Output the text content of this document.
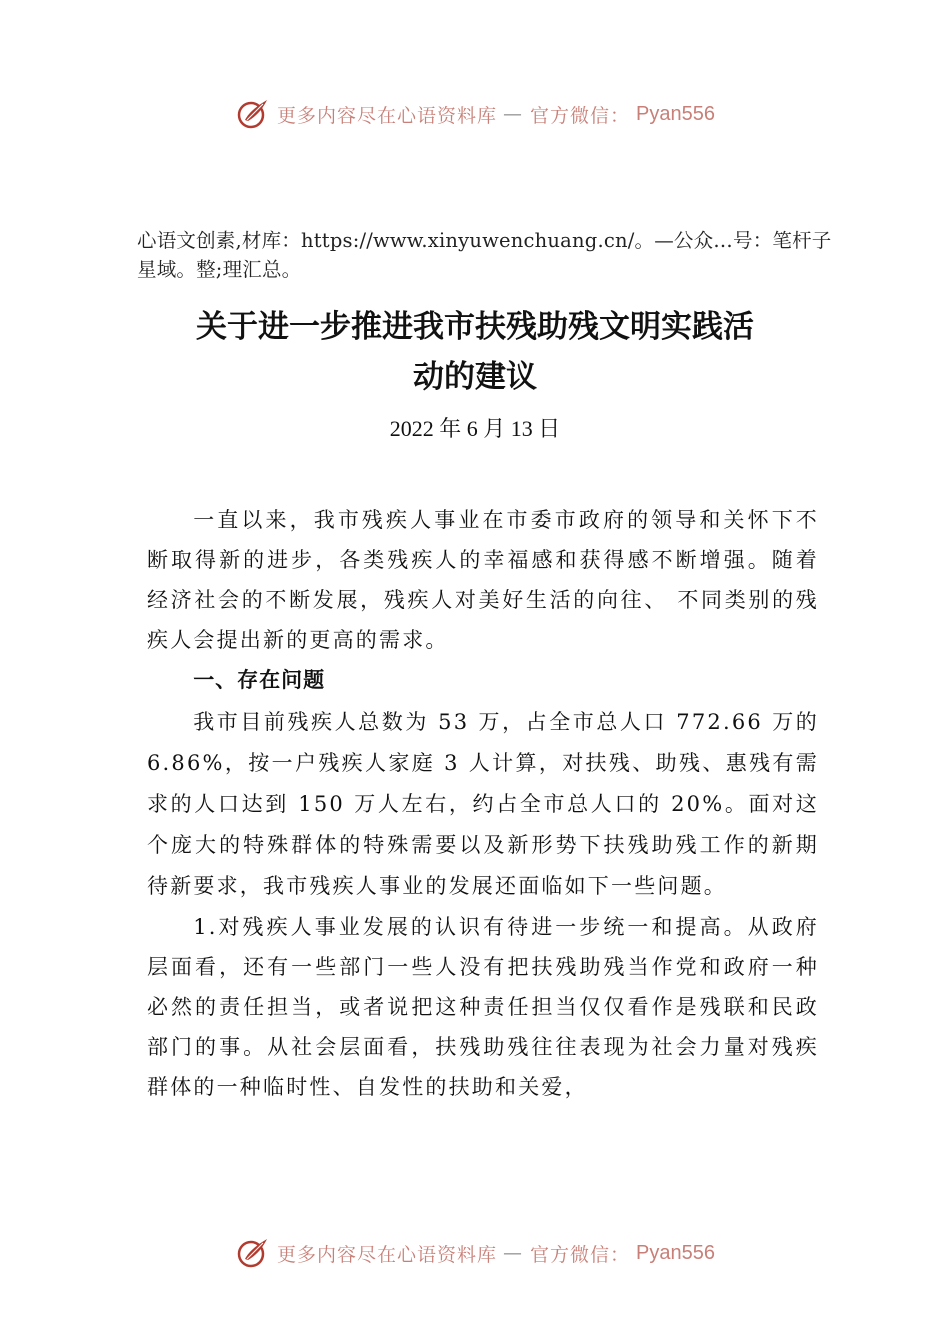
更多内容尽在心语资料库 — 官方微信： Pyan556
心语文创素,材库：https://www.xinyuwenchuang.cn/。—公众…号：笔杆子星域。整;理汇总。
关于进一步推进我市扶残助残文明实践活
动的建议
2022 年 6 月 13 日

一直以来，我市残疾人事业在市委市政府的领导和关怀下不断取得新的进步，各类残疾人的幸福感和获得感不断增强。随着经济社会的不断发展，残疾人对美好生活的向往、 不同类别的残疾人会提出新的更高的需求。

一、存在问题

我市目前残疾人总数为 53 万，占全市总人口 772.66 万的 6.86%，按一户残疾人家庭 3 人计算，对扶残、助残、惠残有需求的人口达到 150 万人左右，约占全市总人口的 20%。面对这个庞大的特殊群体的特殊需要以及新形势下扶残助残工作的新期待新要求，我市残疾人事业的发展还面临如下一些问题。

1.对残疾人事业发展的认识有待进一步统一和提高。从政府层面看，还有一些部门一些人没有把扶残助残当作党和政府一种必然的责任担当，或者说把这种责任担当仅仅看作是残联和民政部门的事。从社会层面看，扶残助残往往表现为社会力量对残疾群体的一种临时性、自发性的扶助和关爱，

更多内容尽在心语资料库 — 官方微信： Pyan556
